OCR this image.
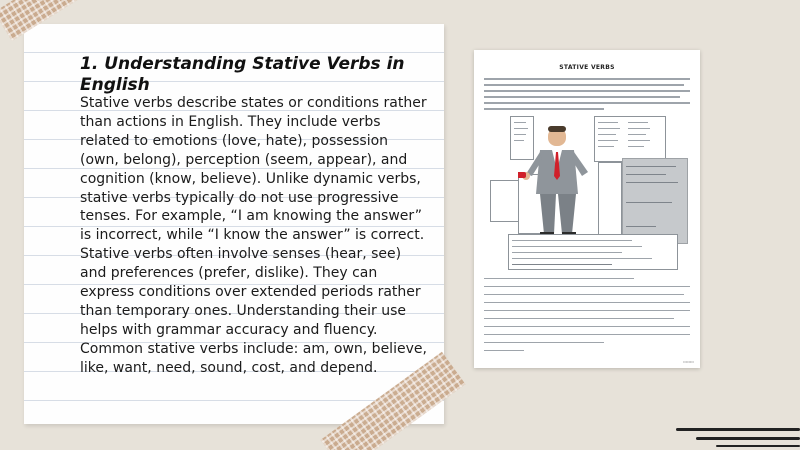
1. Understanding Stative Verbs in English

Stative verbs describe states or conditions rather than actions in English. They include verbs related to emotions (love, hate), possession (own, belong), perception (seem, appear), and cognition (know, believe). Unlike dynamic verbs, stative verbs typically do not use progressive tenses. For example, “I am knowing the answer” is incorrect, while “I know the answer” is correct. Stative verbs often involve senses (hear, see) and preferences (prefer, dislike). They can express conditions over extended periods rather than temporary ones. Understanding their use helps with grammar accuracy and fluency. Common stative verbs include: am, own, believe, like, want, need, sound, cost, and depend.

STATIVE VERBS
▫▫▫▫
